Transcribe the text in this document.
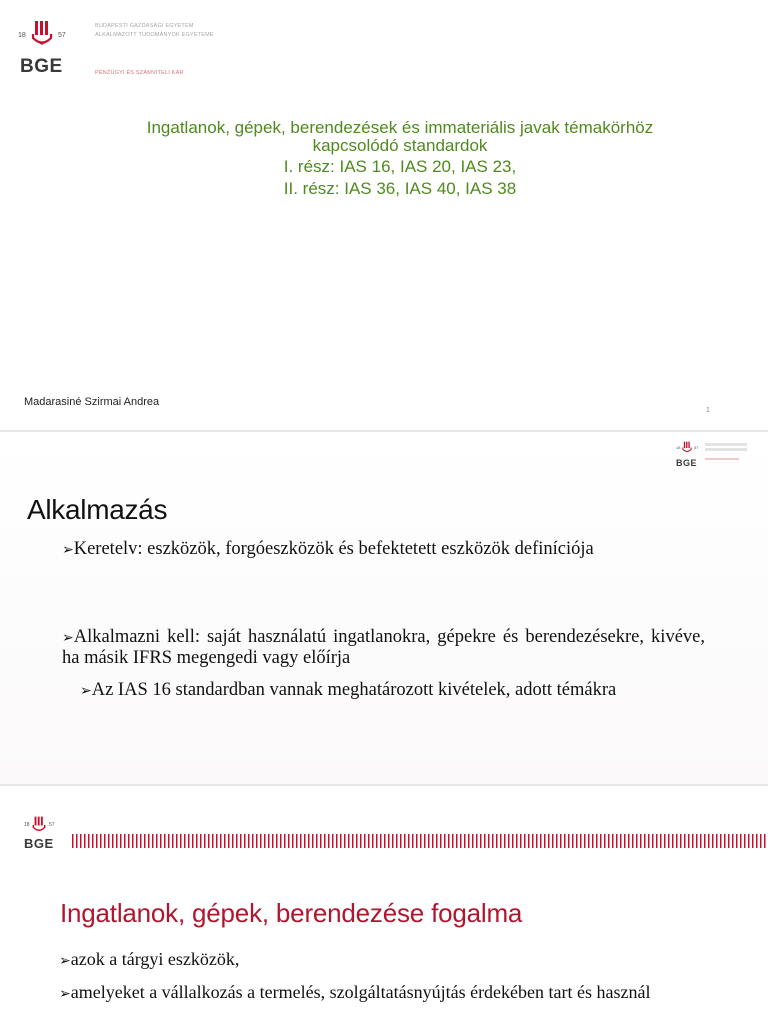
18	57
BGE
BUDAPESTI GAZDASÁGI EGYETEM
ALKALMAZOTT TUDOMÁNYOK EGYETEME
PÉNZÜGYI ÉS SZÁMVITELI KAR
Ingatlanok, gépek, berendezések és immateriális javak témakörhöz
kapcsolódó standardok
I. rész: IAS 16, IAS 20, IAS 23,
II. rész: IAS 36, IAS 40, IAS 38
Madarasiné Szirmai Andrea
1
18	57
BGE
Alkalmazás
➢Keretelv: eszközök, forgóeszközök és befektetett eszközök definíciója
➢Alkalmazni kell: saját használatú ingatlanokra, gépekre és berendezésekre, kivéve, ha másik IFRS megengedi vagy előírja
➢Az IAS 16 standardban vannak meghatározott kivételek, adott témákra
18	57
BGE
Ingatlanok, gépek, berendezése fogalma
➢azok a tárgyi eszközök,
➢amelyeket a vállalkozás a termelés, szolgáltatásnyújtás érdekében tart és használ
